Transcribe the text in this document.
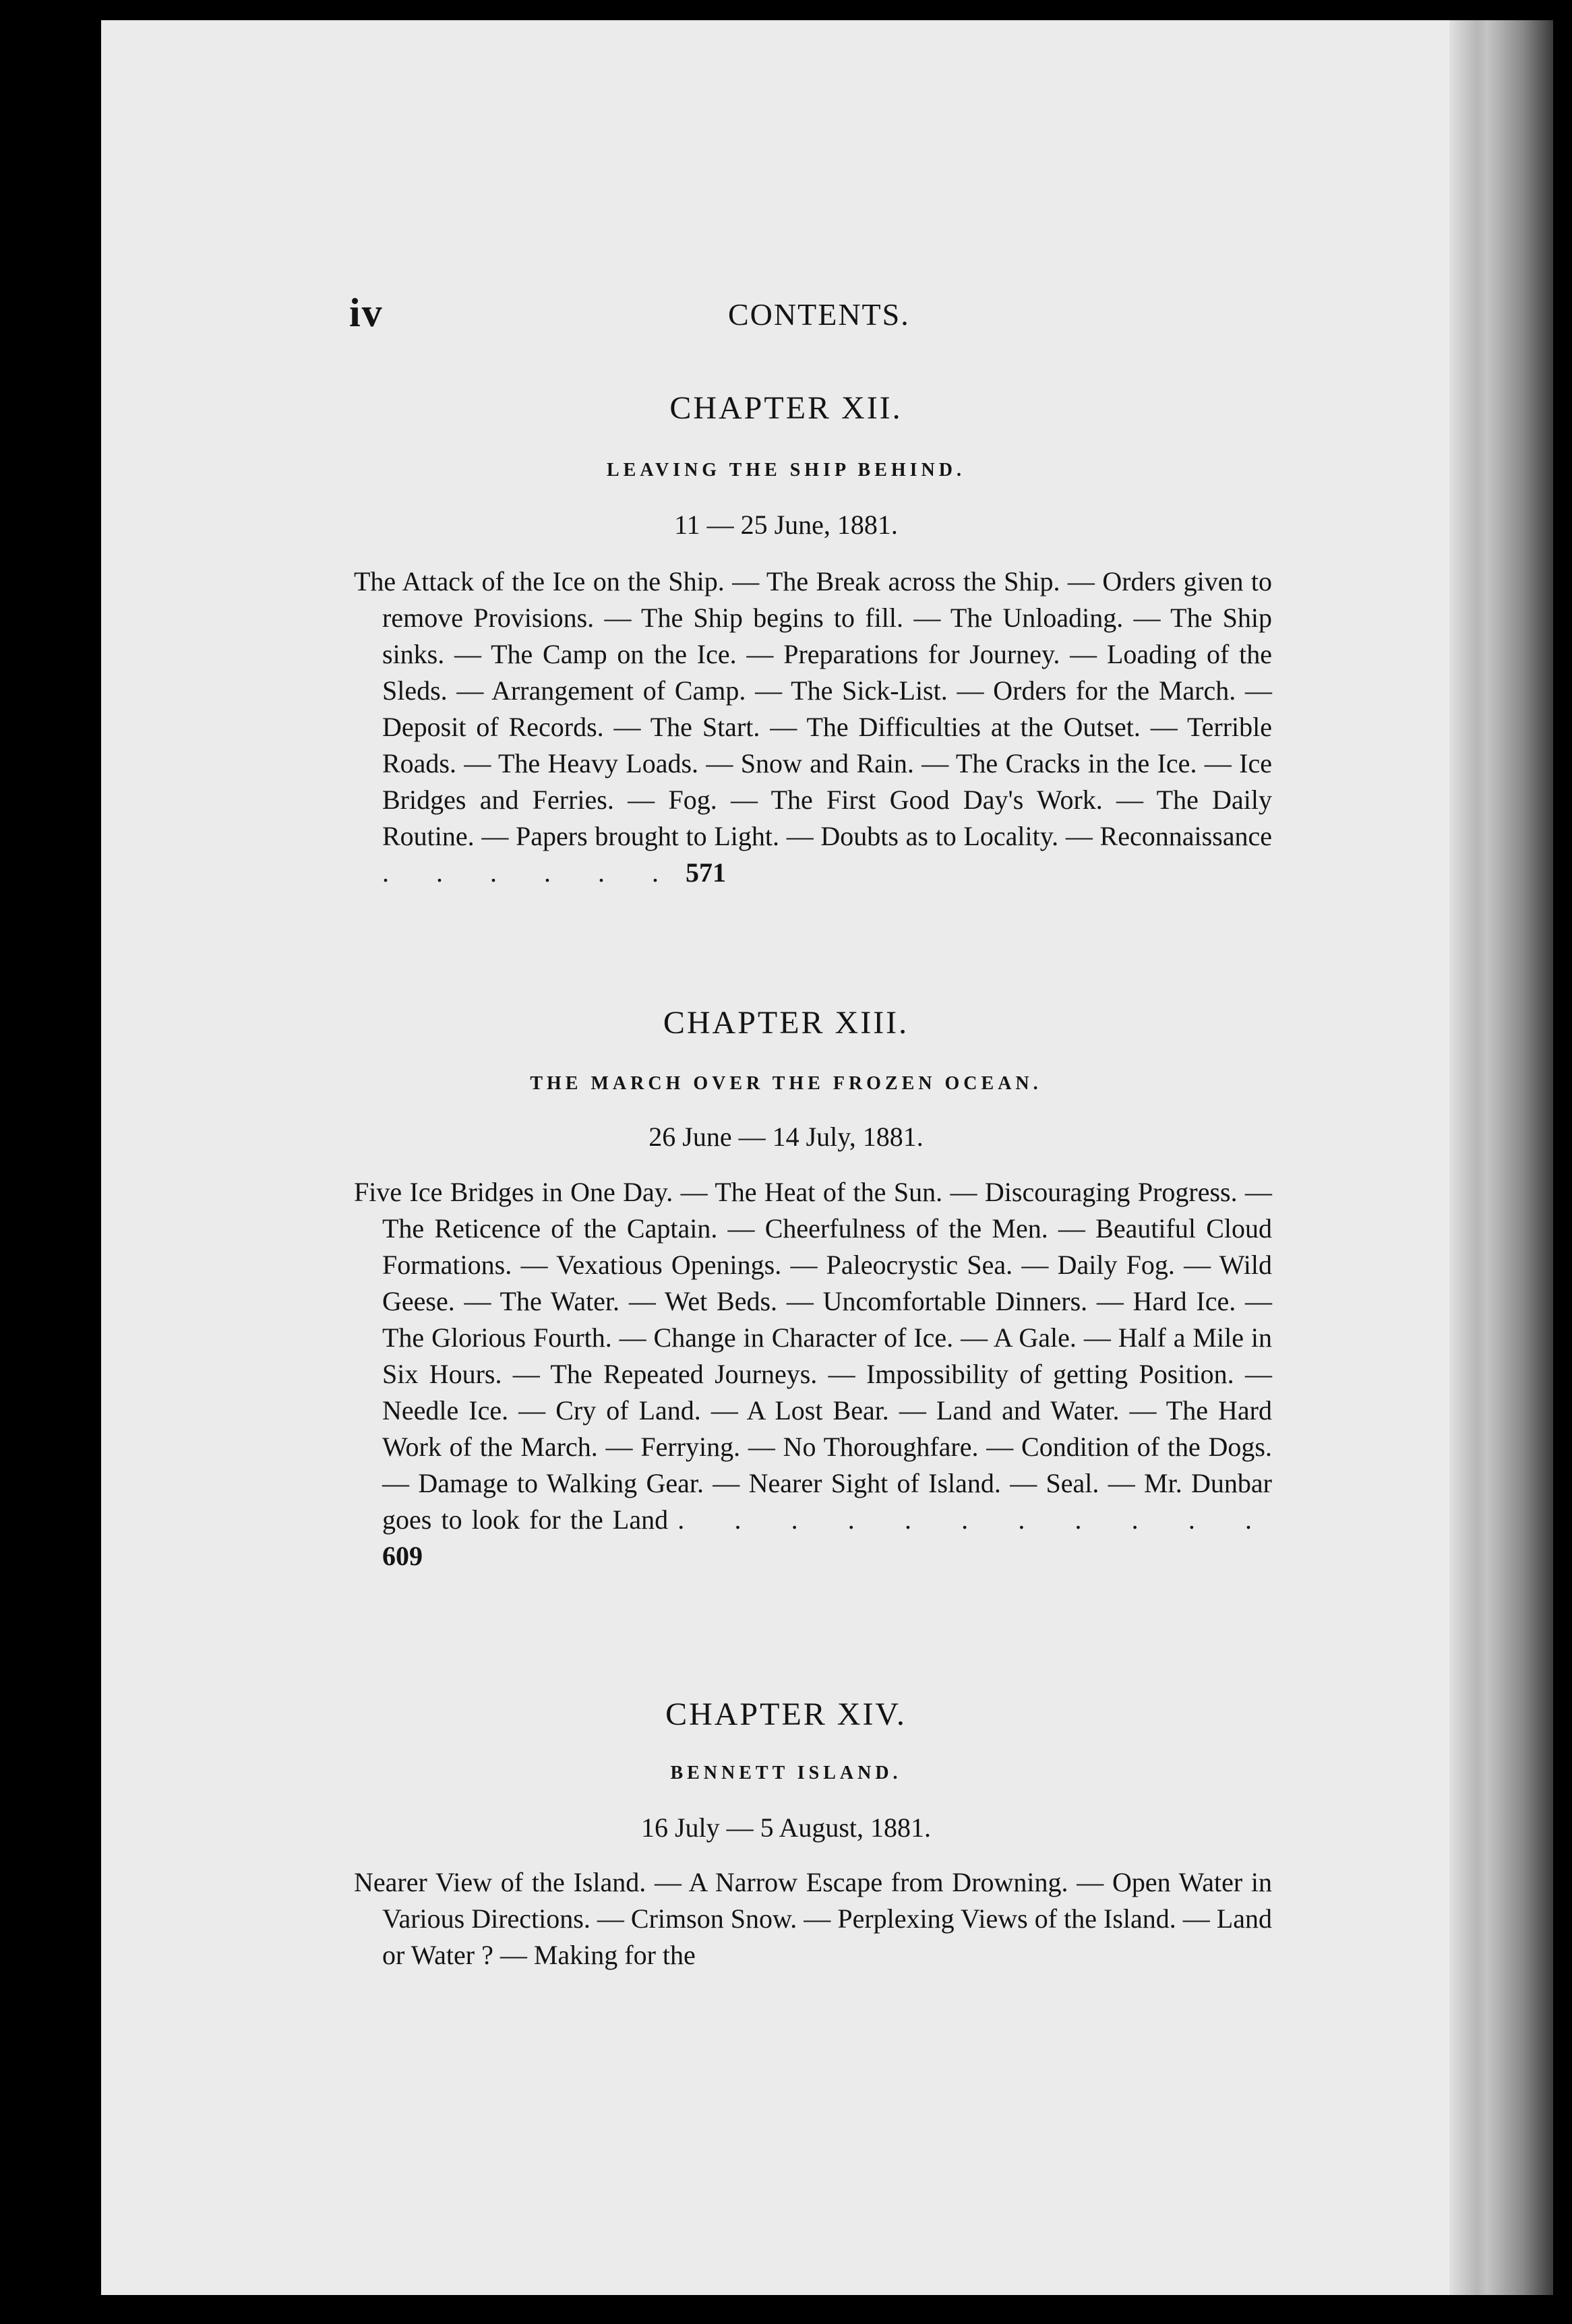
iv	CONTENTS.
CHAPTER XII.
LEAVING THE SHIP BEHIND.
11 — 25 June, 1881.
The Attack of the Ice on the Ship. — The Break across the Ship. — Orders given to remove Provisions. — The Ship begins to fill. — The Unloading. — The Ship sinks. — The Camp on the Ice. — Preparations for Journey. — Loading of the Sleds. — Arrangement of Camp. — The Sick-List. — Orders for the March. — Deposit of Records. — The Start. — The Difficulties at the Outset. — Terrible Roads. — The Heavy Loads. — Snow and Rain. — The Cracks in the Ice. — Ice Bridges and Ferries. — Fog. — The First Good Day's Work. — The Daily Routine. — Papers brought to Light. — Doubts as to Locality. — Reconnaissance . . . . . . 571
CHAPTER XIII.
THE MARCH OVER THE FROZEN OCEAN.
26 June — 14 July, 1881.
Five Ice Bridges in One Day. — The Heat of the Sun. — Discouraging Progress. — The Reticence of the Captain. — Cheerfulness of the Men. — Beautiful Cloud Formations. — Vexatious Openings. — Paleocrystic Sea. — Daily Fog. — Wild Geese. — The Water. — Wet Beds. — Uncomfortable Dinners. — Hard Ice. — The Glorious Fourth. — Change in Character of Ice. — A Gale. — Half a Mile in Six Hours. — The Repeated Journeys. — Impossibility of getting Position. — Needle Ice. — Cry of Land. — A Lost Bear. — Land and Water. — The Hard Work of the March. — Ferrying. — No Thoroughfare. — Condition of the Dogs. — Damage to Walking Gear. — Nearer Sight of Island. — Seal. — Mr. Dunbar goes to look for the Land . . . . . . . . . . . 609
CHAPTER XIV.
BENNETT ISLAND.
16 July — 5 August, 1881.
Nearer View of the Island. — A Narrow Escape from Drowning. — Open Water in Various Directions. — Crimson Snow. — Perplexing Views of the Island. — Land or Water ? — Making for the
